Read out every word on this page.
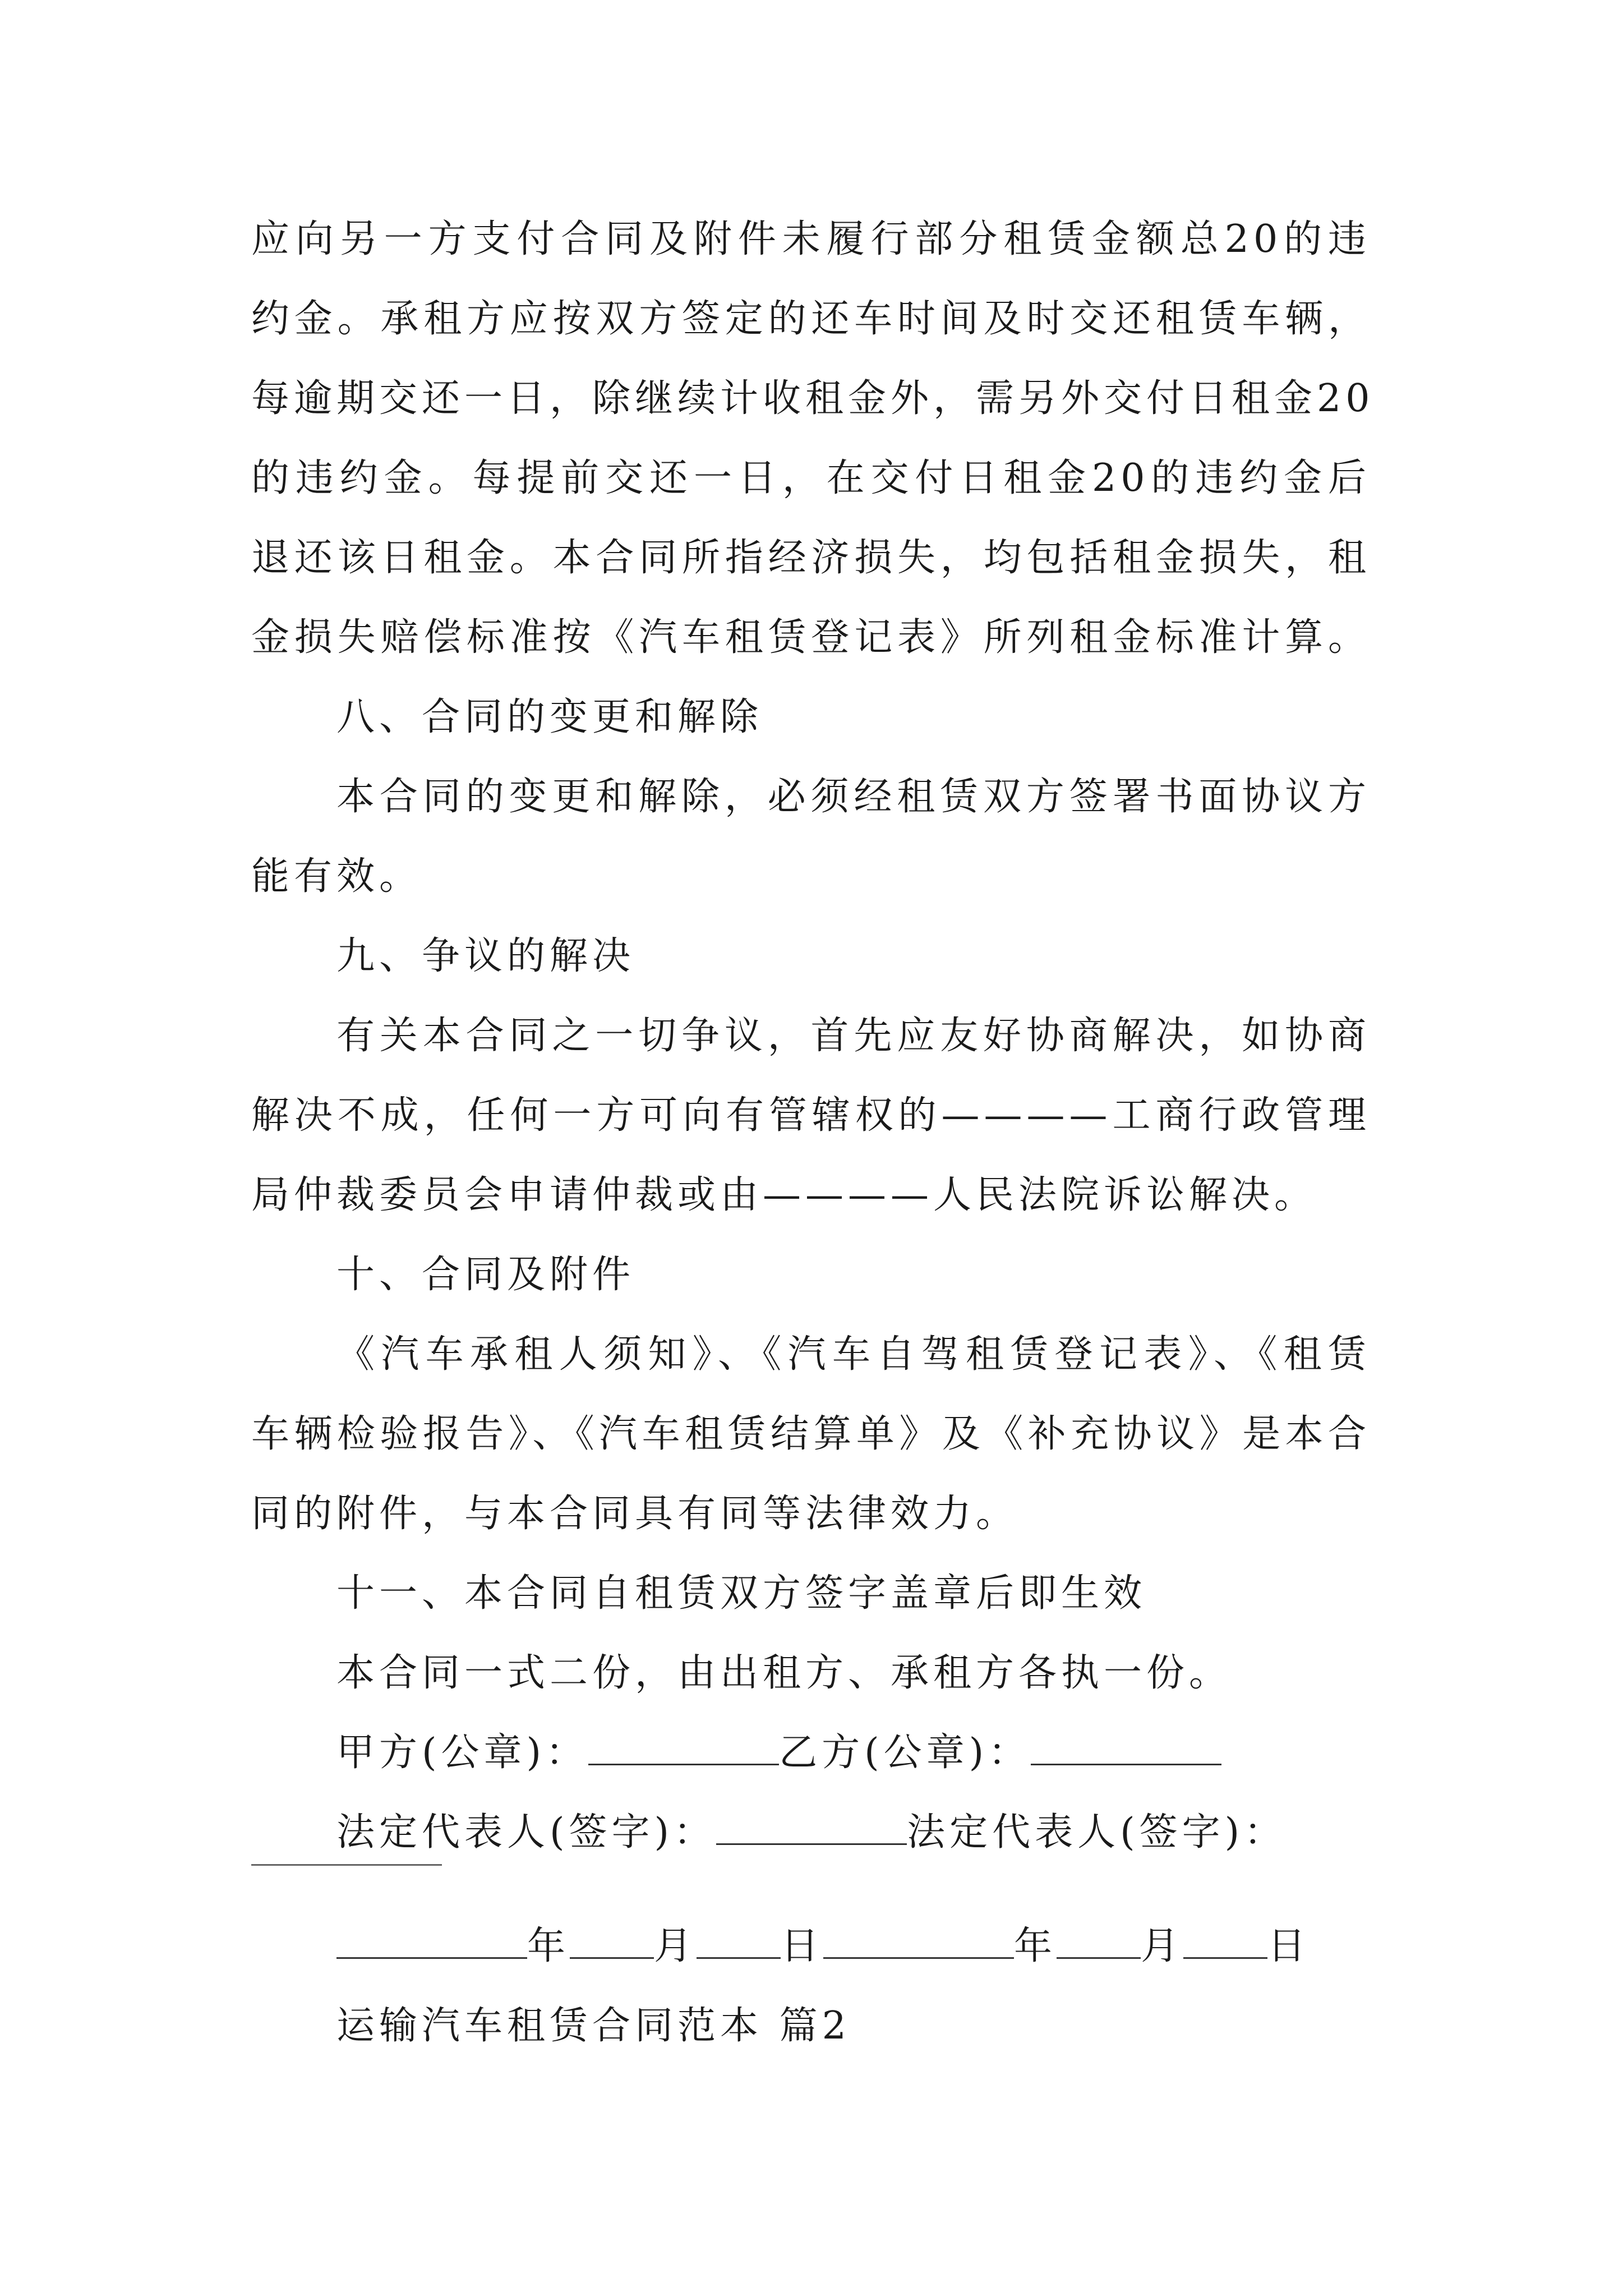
应向另一方支付合同及附件未履行部分租赁金额总20的违
约金。承租方应按双方签定的还车时间及时交还租赁车辆，
每逾期交还一日，除继续计收租金外，需另外交付日租金20
的违约金。每提前交还一日，在交付日租金20的违约金后
退还该日租金。本合同所指经济损失，均包括租金损失，租
金损失赔偿标准按《汽车租赁登记表》所列租金标准计算。
八、合同的变更和解除
本合同的变更和解除，必须经租赁双方签署书面协议方
能有效。
九、争议的解决
有关本合同之一切争议，首先应友好协商解决，如协商
解决不成，任何一方可向有管辖权的————工商行政管理
局仲裁委员会申请仲裁或由————人民法院诉讼解决。
十、合同及附件
《汽车承租人须知》、《汽车自驾租赁登记表》、《租赁
车辆检验报告》、《汽车租赁结算单》及《补充协议》是本合
同的附件，与本合同具有同等法律效力。
十一、本合同自租赁双方签字盖章后即生效
本合同一式二份，由出租方、承租方各执一份。
甲方(公章)：	乙方(公章)：
法定代表人(签字)：	法定代表人(签字)：
年 月 日	年 月 日
运输汽车租赁合同范本 篇2
